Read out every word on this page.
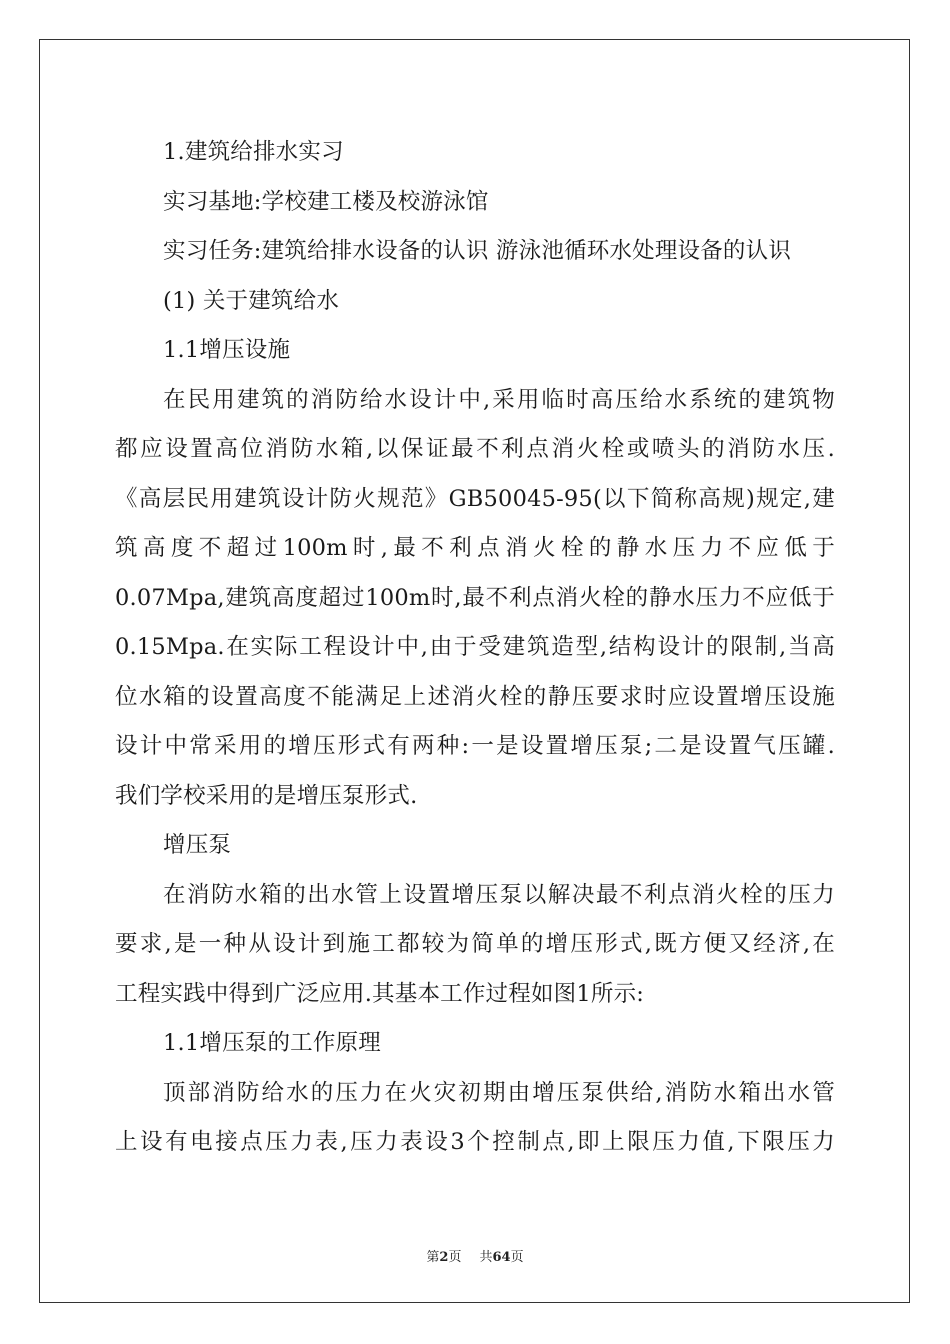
1.建筑给排水实习
实习基地:学校建工楼及校游泳馆
实习任务:建筑给排水设备的认识 游泳池循环水处理设备的认识
(1) 关于建筑给水
1.1增压设施
在民用建筑的消防给水设计中,采用临时高压给水系统的建筑物
都应设置高位消防水箱,以保证最不利点消火栓或喷头的消防水压.
《高层民用建筑设计防火规范》GB50045-95(以下简称高规)规定,建
筑高度不超过100m时,最不利点消火栓的静水压力不应低于
0.07Mpa,建筑高度超过100m时,最不利点消火栓的静水压力不应低于
0.15Mpa.在实际工程设计中,由于受建筑造型,结构设计的限制,当高
位水箱的设置高度不能满足上述消火栓的静压要求时应设置增压设施
设计中常采用的增压形式有两种:一是设置增压泵;二是设置气压罐.
我们学校采用的是增压泵形式.
增压泵
在消防水箱的出水管上设置增压泵以解决最不利点消火栓的压力
要求,是一种从设计到施工都较为简单的增压形式,既方便又经济,在
工程实践中得到广泛应用.其基本工作过程如图1所示:
1.1增压泵的工作原理
顶部消防给水的压力在火灾初期由增压泵供给,消防水箱出水管
上设有电接点压力表,压力表设3个控制点,即上限压力值,下限压力
第2页 共64页
